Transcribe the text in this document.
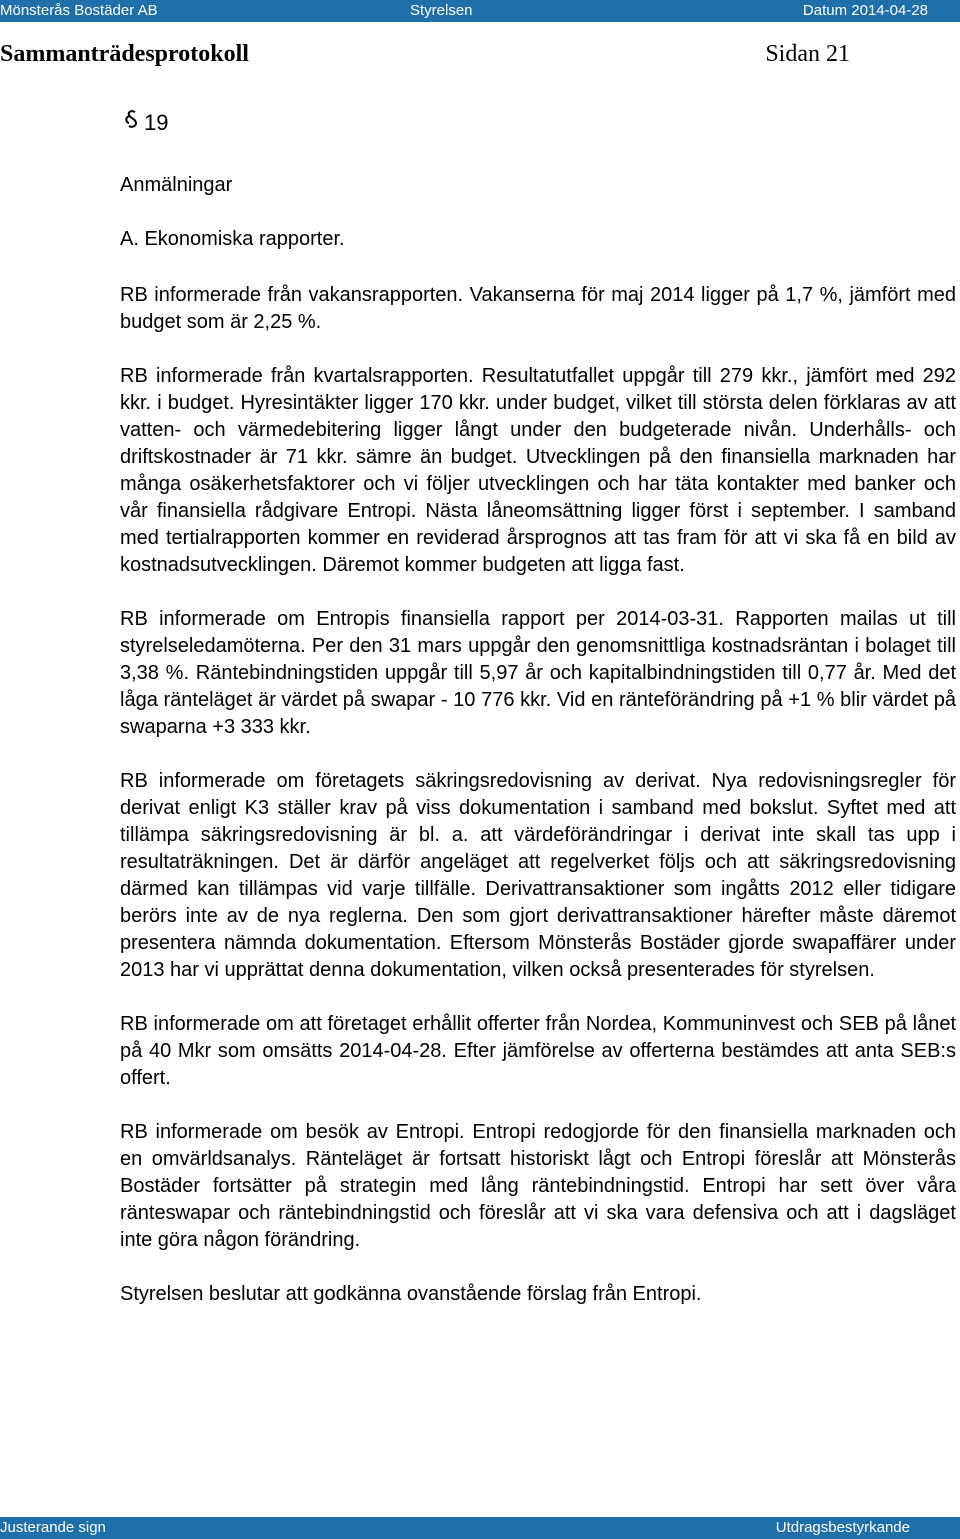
Mönsterås Bostäder AB	Styrelsen	Datum 2014-04-28
Sammanträdesprotokoll	Sidan 21
19
Anmälningar
A. Ekonomiska rapporter.

RB informerade från vakansrapporten. Vakanserna för maj 2014 ligger på 1,7 %, jämfört med budget som är 2,25 %.

RB informerade från kvartalsrapporten. Resultatutfallet uppgår till 279 kkr., jämfört med 292 kkr. i budget. Hyresintäkter ligger 170 kkr. under budget, vilket till största delen förklaras av att vatten- och värmedebitering ligger långt under den budgeterade nivån. Underhålls- och driftskostnader är 71 kkr. sämre än budget. Utvecklingen på den finansiella marknaden har många osäkerhetsfaktorer och vi följer utvecklingen och har täta kontakter med banker och vår finansiella rådgivare Entropi. Nästa låneomsättning ligger först i september. I samband med tertialrapporten kommer en reviderad årsprognos att tas fram för att vi ska få en bild av kostnadsutvecklingen. Däremot kommer budgeten att ligga fast.

RB informerade om Entropis finansiella rapport per 2014-03-31. Rapporten mailas ut till styrelseledamöterna. Per den 31 mars uppgår den genomsnittliga kostnadsräntan i bolaget till 3,38 %. Räntebindningstiden uppgår till 5,97 år och kapitalbindningstiden till 0,77 år. Med det låga ränteläget är värdet på swapar - 10 776 kkr. Vid en ränteförändring på +1 % blir värdet på swaparna +3 333 kkr.

RB informerade om företagets säkringsredovisning av derivat. Nya redovisningsregler för derivat enligt K3 ställer krav på viss dokumentation i samband med bokslut. Syftet med att tillämpa säkringsredovisning är bl. a. att värdeförändringar i derivat inte skall tas upp i resultaträkningen. Det är därför angeläget att regelverket följs och att säkringsredovisning därmed kan tillämpas vid varje tillfälle. Derivattransaktioner som ingåtts 2012 eller tidigare berörs inte av de nya reglerna. Den som gjort derivattransaktioner härefter måste däremot presentera nämnda dokumentation. Eftersom Mönsterås Bostäder gjorde swapaffärer under 2013 har vi upprättat denna dokumentation, vilken också presenterades för styrelsen.

RB informerade om att företaget erhållit offerter från Nordea, Kommuninvest och SEB på lånet på 40 Mkr som omsätts 2014-04-28. Efter jämförelse av offerterna bestämdes att anta SEB:s offert.

RB informerade om besök av Entropi. Entropi redogjorde för den finansiella marknaden och en omvärldsanalys. Ränteläget är fortsatt historiskt lågt och Entropi föreslår att Mönsterås Bostäder fortsätter på strategin med lång räntebindningstid. Entropi har sett över våra ränteswapar och räntebindningstid och föreslår att vi ska vara defensiva och att i dagsläget inte göra någon förändring.

Styrelsen beslutar att godkänna ovanstående förslag från Entropi.

Justerande sign	Utdragsbestyrkande
